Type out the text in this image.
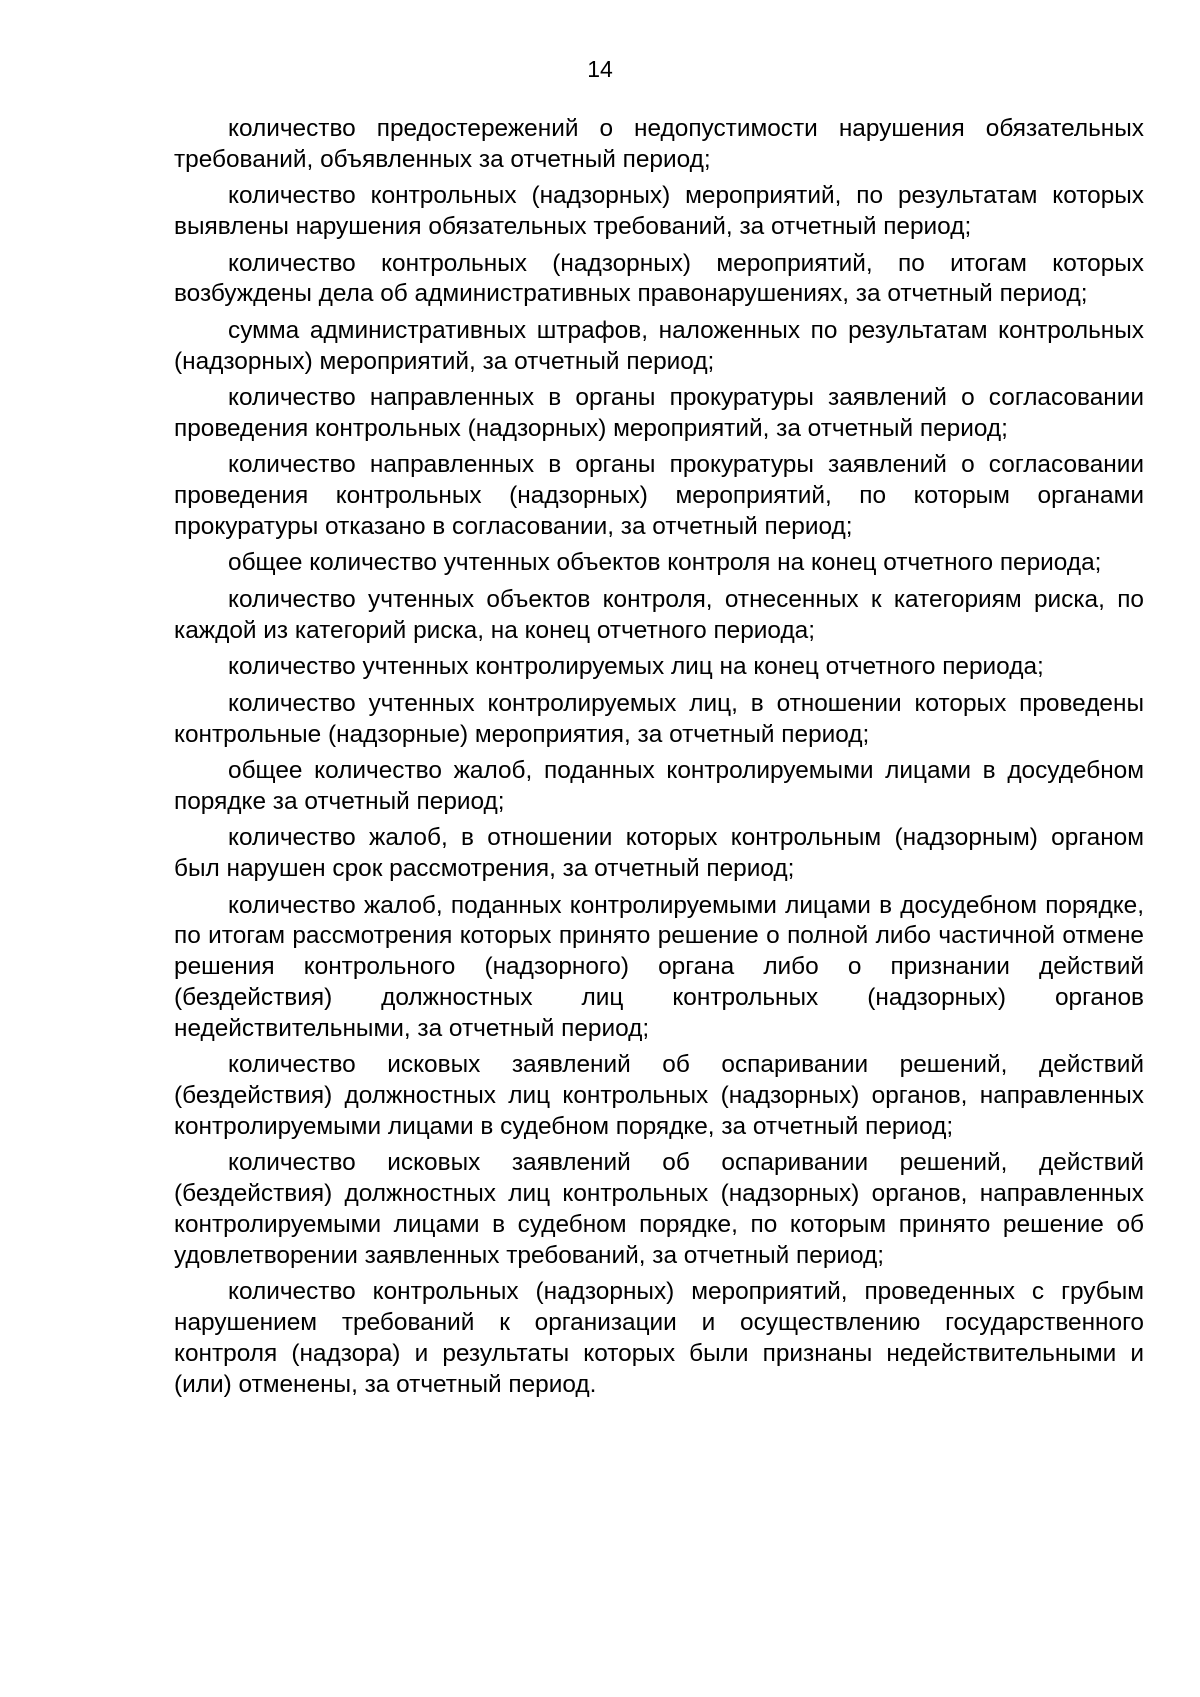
14

количество предостережений о недопустимости нарушения обязательных требований, объявленных за отчетный период;

количество контрольных (надзорных) мероприятий, по результатам которых выявлены нарушения обязательных требований, за отчетный период;

количество контрольных (надзорных) мероприятий, по итогам которых возбуждены дела об административных правонарушениях, за отчетный период;

сумма административных штрафов, наложенных по результатам контрольных (надзорных) мероприятий, за отчетный период;

количество направленных в органы прокуратуры заявлений о согласовании проведения контрольных (надзорных) мероприятий, за отчетный период;

количество направленных в органы прокуратуры заявлений о согласовании проведения контрольных (надзорных) мероприятий, по которым органами прокуратуры отказано в согласовании, за отчетный период;

общее количество учтенных объектов контроля на конец отчетного периода;

количество учтенных объектов контроля, отнесенных к категориям риска, по каждой из категорий риска, на конец отчетного периода;

количество учтенных контролируемых лиц на конец отчетного периода;

количество учтенных контролируемых лиц, в отношении которых проведены контрольные (надзорные) мероприятия, за отчетный период;

общее количество жалоб, поданных контролируемыми лицами в досудебном порядке за отчетный период;

количество жалоб, в отношении которых контрольным (надзорным) органом был нарушен срок рассмотрения, за отчетный период;

количество жалоб, поданных контролируемыми лицами в досудебном порядке, по итогам рассмотрения которых принято решение о полной либо частичной отмене решения контрольного (надзорного) органа либо о признании действий (бездействия) должностных лиц контрольных (надзорных) органов недействительными, за отчетный период;

количество исковых заявлений об оспаривании решений, действий (бездействия) должностных лиц контрольных (надзорных) органов, направленных контролируемыми лицами в судебном порядке, за отчетный период;

количество исковых заявлений об оспаривании решений, действий (бездействия) должностных лиц контрольных (надзорных) органов, направленных контролируемыми лицами в судебном порядке, по которым принято решение об удовлетворении заявленных требований, за отчетный период;

количество контрольных (надзорных) мероприятий, проведенных с грубым нарушением требований к организации и осуществлению государственного контроля (надзора) и результаты которых были признаны недействительными и (или) отменены, за отчетный период.
